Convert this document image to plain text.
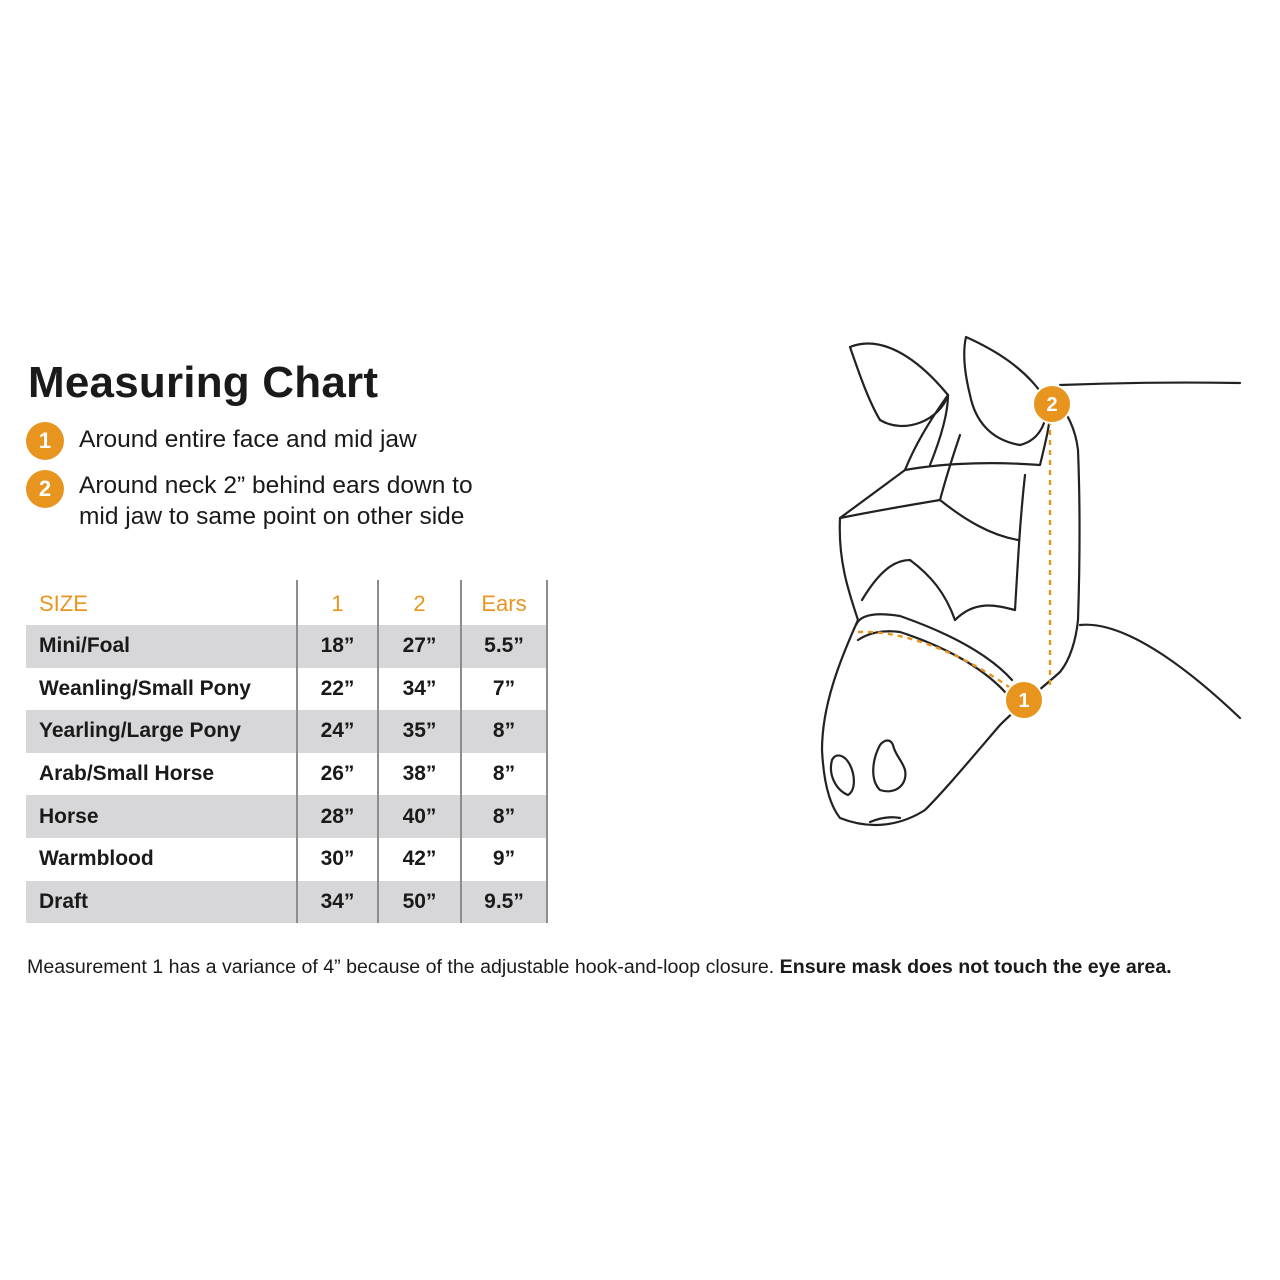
Measuring Chart
1	Around entire face and mid jaw
2	Around neck 2” behind ears down to
mid jaw to same point on other side
SIZE	1	2	Ears
Mini/Foal	18”	27”	5.5”
Weanling/Small Pony	22”	34”	7”
Yearling/Large Pony	24”	35”	8”
Arab/Small Horse	26”	38”	8”
Horse	28”	40”	8”
Warmblood	30”	42”	9”
Draft	34”	50”	9.5”
Measurement 1 has a variance of 4” because of the adjustable hook-and-loop closure. Ensure mask does not touch the eye area.
1
2
